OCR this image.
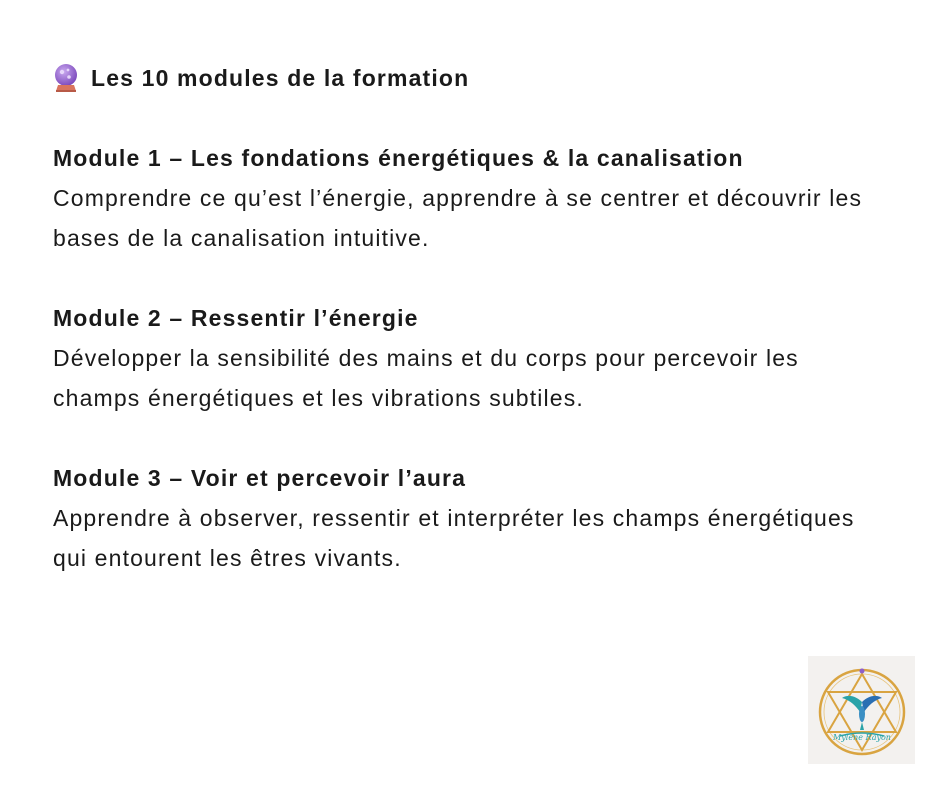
Les 10 modules de la formation
Module 1 – Les fondations énergétiques & la canalisation
Comprendre ce qu’est l’énergie, apprendre à se centrer et découvrir les bases de la canalisation intuitive.
Module 2 – Ressentir l’énergie
Développer la sensibilité des mains et du corps pour percevoir les champs énergétiques et les vibrations subtiles.
Module 3 – Voir et percevoir l’aura
Apprendre à observer, ressentir et interpréter les champs énergétiques qui entourent les êtres vivants.
Mylène Rayon
